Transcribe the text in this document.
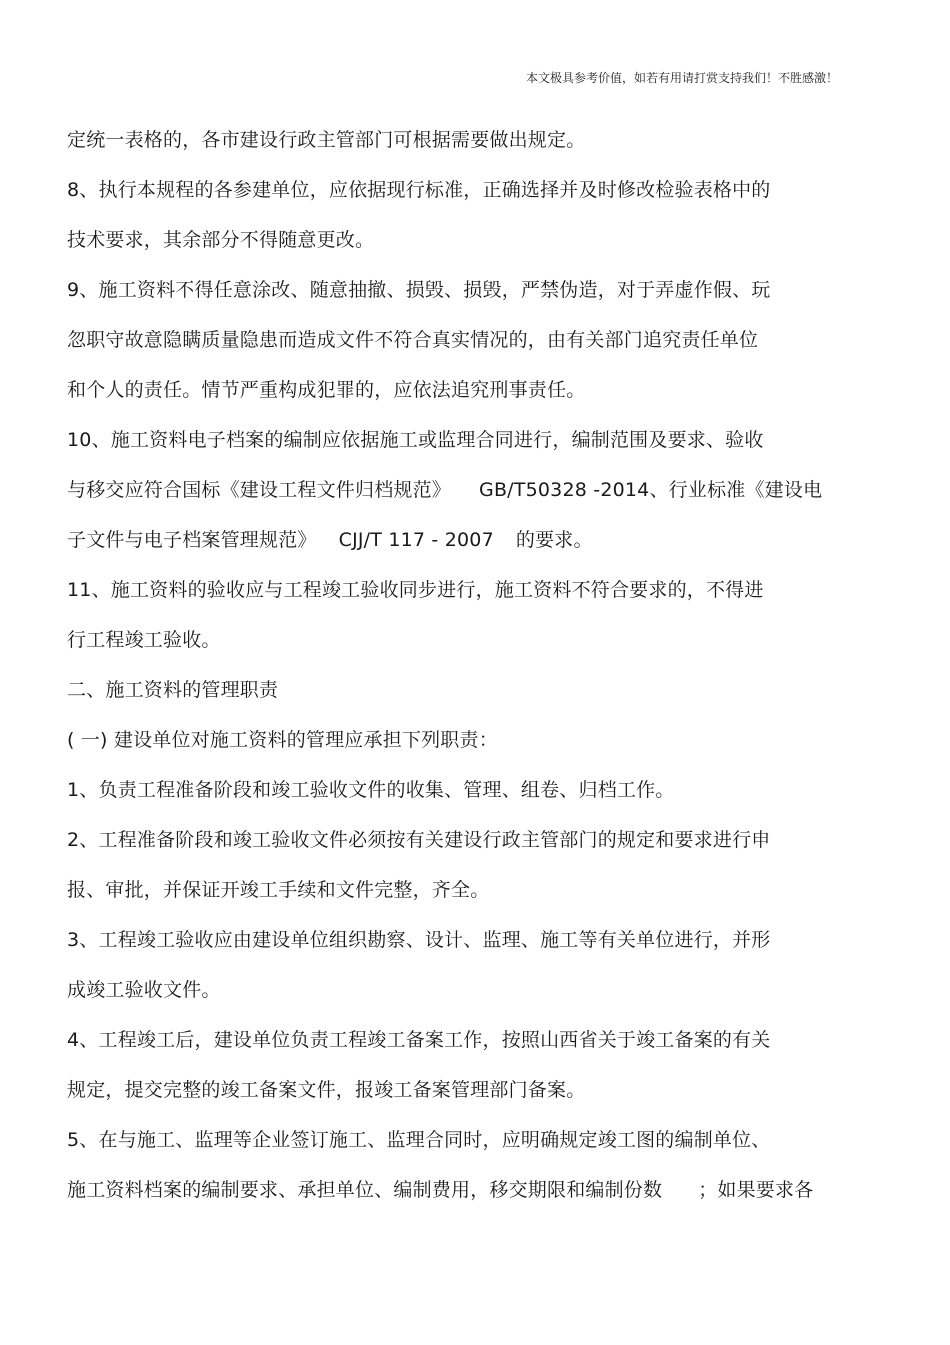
本文极具参考价值，如若有用请打赏支持我们！不胜感激！
定统一表格的，各市建设行政主管部门可根据需要做出规定。
8、执行本规程的各参建单位，应依据现行标准，正确选择并及时修改检验表格中的
技术要求，其余部分不得随意更改。
9、施工资料不得任意涂改、随意抽撤、损毁、损毁，严禁伪造，对于弄虚作假、玩
忽职守故意隐瞒质量隐患而造成文件不符合真实情况的，由有关部门追究责任单位
和个人的责任。情节严重构成犯罪的，应依法追究刑事责任。
10、施工资料电子档案的编制应依据施工或监理合同进行，编制范围及要求、验收
与移交应符合国标《建设工程文件归档规范》 GB/T50328 -2014、行业标准《建设电
子文件与电子档案管理规范》 CJJ/T 117 - 2007 的要求。
11、施工资料的验收应与工程竣工验收同步进行，施工资料不符合要求的，不得进
行工程竣工验收。
二、施工资料的管理职责
( 一) 建设单位对施工资料的管理应承担下列职责：
1、负责工程准备阶段和竣工验收文件的收集、管理、组卷、归档工作。
2、工程准备阶段和竣工验收文件必须按有关建设行政主管部门的规定和要求进行申
报、审批，并保证开竣工手续和文件完整，齐全。
3、工程竣工验收应由建设单位组织勘察、设计、监理、施工等有关单位进行，并形
成竣工验收文件。
4、工程竣工后，建设单位负责工程竣工备案工作，按照山西省关于竣工备案的有关
规定，提交完整的竣工备案文件，报竣工备案管理部门备案。
5、在与施工、监理等企业签订施工、监理合同时，应明确规定竣工图的编制单位、
施工资料档案的编制要求、承担单位、编制费用，移交期限和编制份数 ；如果要求各
